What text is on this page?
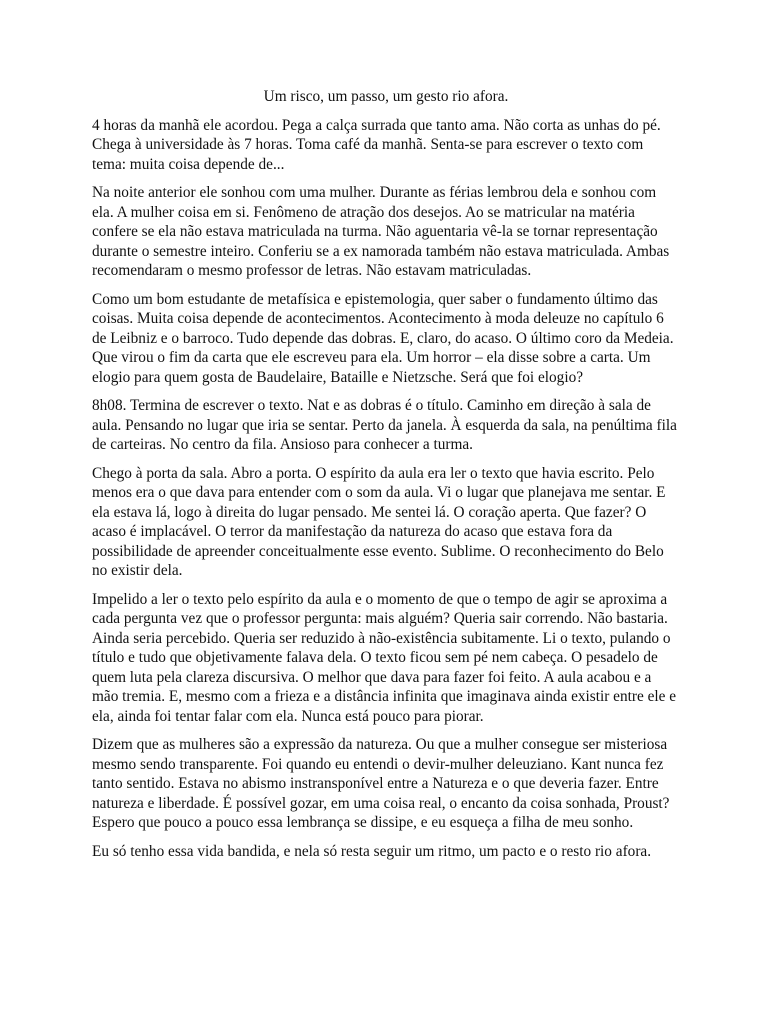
Um risco, um passo, um gesto rio afora.

4 horas da manhã ele acordou. Pega a calça surrada que tanto ama. Não corta as unhas do pé. Chega à universidade às 7 horas. Toma café da manhã. Senta-se para escrever o texto com tema: muita coisa depende de...

Na noite anterior ele sonhou com uma mulher. Durante as férias lembrou dela e sonhou com ela. A mulher coisa em si. Fenômeno de atração dos desejos. Ao se matricular na matéria confere se ela não estava matriculada na turma. Não aguentaria vê-la se tornar representação durante o semestre inteiro. Conferiu se a ex namorada também não estava matriculada. Ambas recomendaram o mesmo professor de letras. Não estavam matriculadas.

Como um bom estudante de metafísica e epistemologia, quer saber o fundamento último das coisas. Muita coisa depende de acontecimentos. Acontecimento à moda deleuze no capítulo 6 de Leibniz e o barroco. Tudo depende das dobras. E, claro, do acaso. O último coro da Medeia. Que virou o fim da carta que ele escreveu para ela. Um horror – ela disse sobre a carta. Um elogio para quem gosta de Baudelaire, Bataille e Nietzsche. Será que foi elogio?

8h08. Termina de escrever o texto. Nat e as dobras é o título. Caminho em direção à sala de aula. Pensando no lugar que iria se sentar. Perto da janela. À esquerda da sala, na penúltima fila de carteiras. No centro da fila. Ansioso para conhecer a turma.

Chego à porta da sala. Abro a porta. O espírito da aula era ler o texto que havia escrito. Pelo menos era o que dava para entender com o som da aula. Vi o lugar que planejava me sentar. E ela estava lá, logo à direita do lugar pensado. Me sentei lá. O coração aperta. Que fazer? O acaso é implacável. O terror da manifestação da natureza do acaso que estava fora da possibilidade de apreender conceitualmente esse evento. Sublime. O reconhecimento do Belo no existir dela.

Impelido a ler o texto pelo espírito da aula e o momento de que o tempo de agir se aproxima a cada pergunta vez que o professor pergunta: mais alguém? Queria sair correndo. Não bastaria. Ainda seria percebido. Queria ser reduzido à não-existência subitamente. Li o texto, pulando o título e tudo que objetivamente falava dela. O texto ficou sem pé nem cabeça. O pesadelo de quem luta pela clareza discursiva. O melhor que dava para fazer foi feito. A aula acabou e a mão tremia. E, mesmo com a frieza e a distância infinita que imaginava ainda existir entre ele e ela, ainda foi tentar falar com ela. Nunca está pouco para piorar.

Dizem que as mulheres são a expressão da natureza. Ou que a mulher consegue ser misteriosa mesmo sendo transparente. Foi quando eu entendi o devir-mulher deleuziano. Kant nunca fez tanto sentido. Estava no abismo instransponível entre a Natureza e o que deveria fazer. Entre natureza e liberdade. É possível gozar, em uma coisa real, o encanto da coisa sonhada, Proust? Espero que pouco a pouco essa lembrança se dissipe, e eu esqueça a filha de meu sonho.

Eu só tenho essa vida bandida, e nela só resta seguir um ritmo, um pacto e o resto rio afora.
